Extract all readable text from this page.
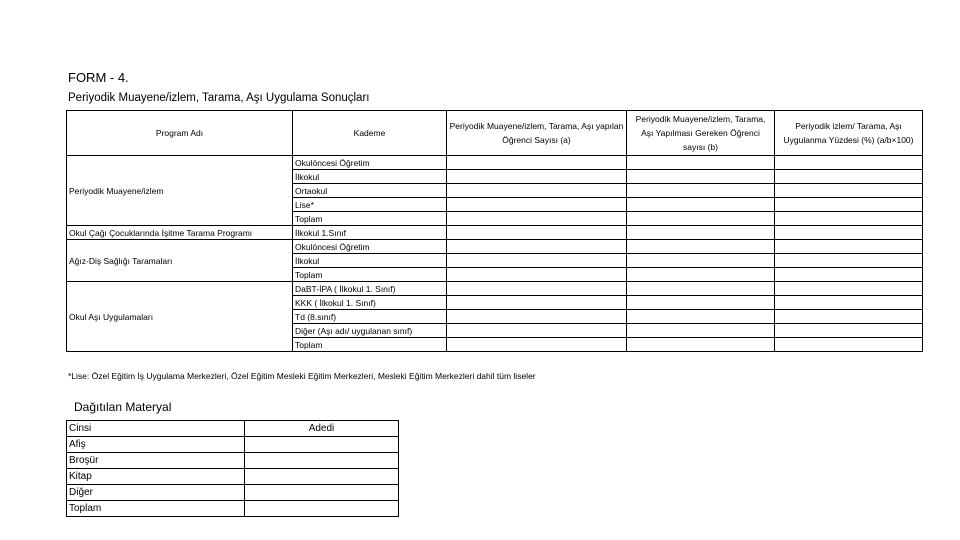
FORM - 4.
Periyodik Muayene/izlem, Tarama, Aşı Uygulama Sonuçları
Program Adı	Kademe	Periyodik Muayene/izlem, Tarama, Aşı yapılan Öğrenci Sayısı (a)	Periyodik Muayene/izlem, Tarama, Aşı Yapılması Gereken Öğrenci sayısı (b)	Periyodik izlem/ Tarama, Aşı Uygulanma Yüzdesi (%) (a/b×100)
Periyodik Muayene/izlem	Okulöncesi Öğretim			
	İlkokul			
	Ortaokul			
	Lise*			
	Toplam			
Okul Çağı Çocuklarında İşitme Tarama Programı	İlkokul 1.Sınıf			
Ağız-Diş Sağlığı Taramaları	Okulöncesi Öğretim			
	İlkokul			
	Toplam			
Okul Aşı Uygulamaları	DaBT-İPA ( İlkokul 1. Sınıf)			
	KKK ( İlkokul 1. Sınıf)			
	Td (8.sınıf)			
	Diğer (Aşı adı/ uygulanan sınıf)			
	Toplam			
*Lise: Özel Eğitim İş Uygulama Merkezleri, Özel Eğitim Mesleki Eğitim Merkezleri, Mesleki Eğitim Merkezleri dahil tüm liseler
Dağıtılan Materyal
Cinsi	Adedi
Afiş	
Broşür	
Kitap	
Diğer	
Toplam	
